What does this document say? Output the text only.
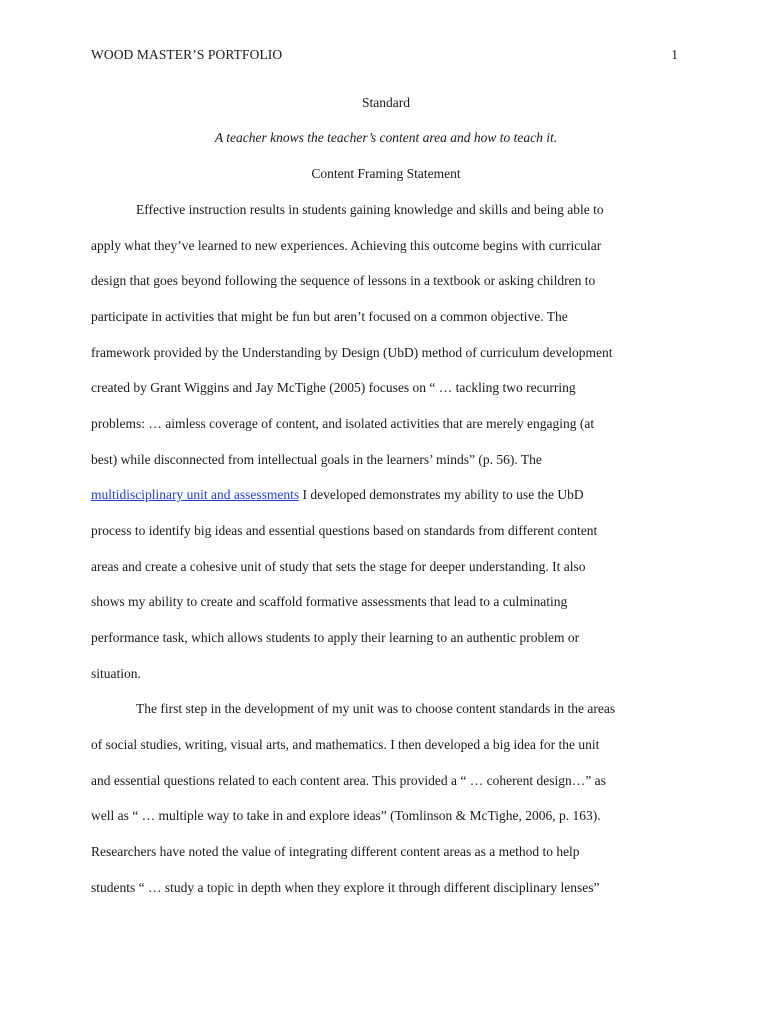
WOOD MASTER’S PORTFOLIO	1
Standard
A teacher knows the teacher’s content area and how to teach it.
Content Framing Statement
Effective instruction results in students gaining knowledge and skills and being able to
apply what they’ve learned to new experiences. Achieving this outcome begins with curricular
design that goes beyond following the sequence of lessons in a textbook or asking children to
participate in activities that might be fun but aren’t focused on a common objective. The
framework provided by the Understanding by Design (UbD) method of curriculum development
created by Grant Wiggins and Jay McTighe (2005) focuses on “ … tackling two recurring
problems: … aimless coverage of content, and isolated activities that are merely engaging (at
best) while disconnected from intellectual goals in the learners’ minds” (p. 56). The
multidisciplinary unit and assessments I developed demonstrates my ability to use the UbD
process to identify big ideas and essential questions based on standards from different content
areas and create a cohesive unit of study that sets the stage for deeper understanding. It also
shows my ability to create and scaffold formative assessments that lead to a culminating
performance task, which allows students to apply their learning to an authentic problem or
situation.
The first step in the development of my unit was to choose content standards in the areas
of social studies, writing, visual arts, and mathematics. I then developed a big idea for the unit
and essential questions related to each content area. This provided a “ … coherent design…” as
well as “ … multiple way to take in and explore ideas” (Tomlinson & McTighe, 2006, p. 163).
Researchers have noted the value of integrating different content areas as a method to help
students “ … study a topic in depth when they explore it through different disciplinary lenses”
